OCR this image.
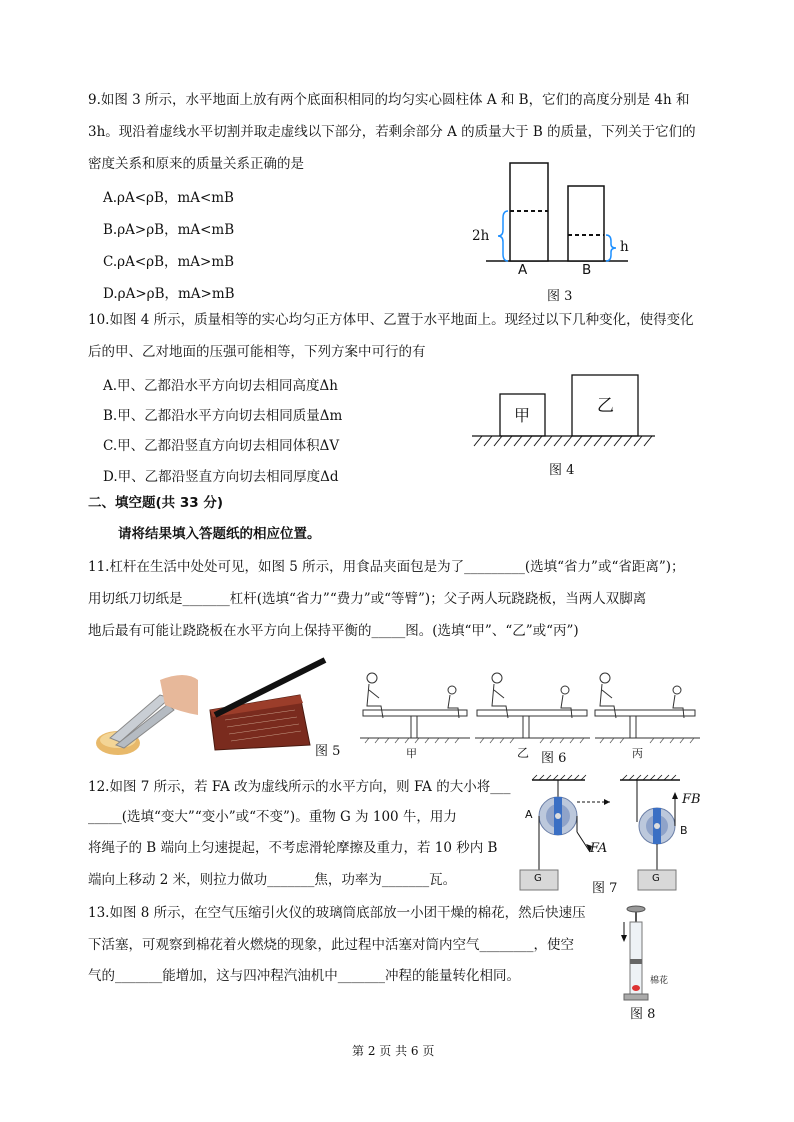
9.如图 3 所示，水平地面上放有两个底面积相同的均匀实心圆柱体 A 和 B，它们的高度分别是 4h 和
3h。现沿着虚线水平切割并取走虚线以下部分，若剩余部分 A 的质量大于 B 的质量，下列关于它们的
密度关系和原来的质量关系正确的是
A.ρA<ρB，mA<mB
B.ρA>ρB，mA<mB
C.ρA<ρB，mA>mB
D.ρA>ρB，mA>mB
2h
h
A	B
图 3
10.如图 4 所示，质量相等的实心均匀正方体甲、乙置于水平地面上。现经过以下几种变化，使得变化
后的甲、乙对地面的压强可能相等，下列方案中可行的有
A.甲、乙都沿水平方向切去相同高度Δh
B.甲、乙都沿水平方向切去相同质量Δm
C.甲、乙都沿竖直方向切去相同体积ΔV
D.甲、乙都沿竖直方向切去相同厚度Δd
甲	乙
图 4
二、填空题(共 33 分)
请将结果填入答题纸的相应位置。
11.杠杆在生活中处处可见，如图 5 所示，用食品夹面包是为了_________(选填“省力”或“省距离”)；
用切纸刀切纸是_______杠杆(选填“省力”“费力”或“等臂”)；父子两人玩跷跷板，当两人双脚离
地后最有可能让跷跷板在水平方向上保持平衡的_____图。(选填“甲”、“乙”或“丙”)
图 5	甲	乙 图 6	丙
12.如图 7 所示，若 FA 改为虚线所示的水平方向，则 FA 的大小将___
_____(选填“变大”“变小”或“不变”)。重物 G 为 100 牛，用力
将绳子的 B 端向上匀速提起，不考虑滑轮摩擦及重力，若 10 秒内 B
端向上移动 2 米，则拉力做功_______焦，功率为_______瓦。
A
FA
G
FB
B
G
图 7
13.如图 8 所示，在空气压缩引火仪的玻璃筒底部放一小团干燥的棉花，然后快速压
下活塞，可观察到棉花着火燃烧的现象，此过程中活塞对筒内空气________，使空
气的_______能增加，这与四冲程汽油机中_______冲程的能量转化相同。	棉花
图 8
第 2 页 共 6 页
